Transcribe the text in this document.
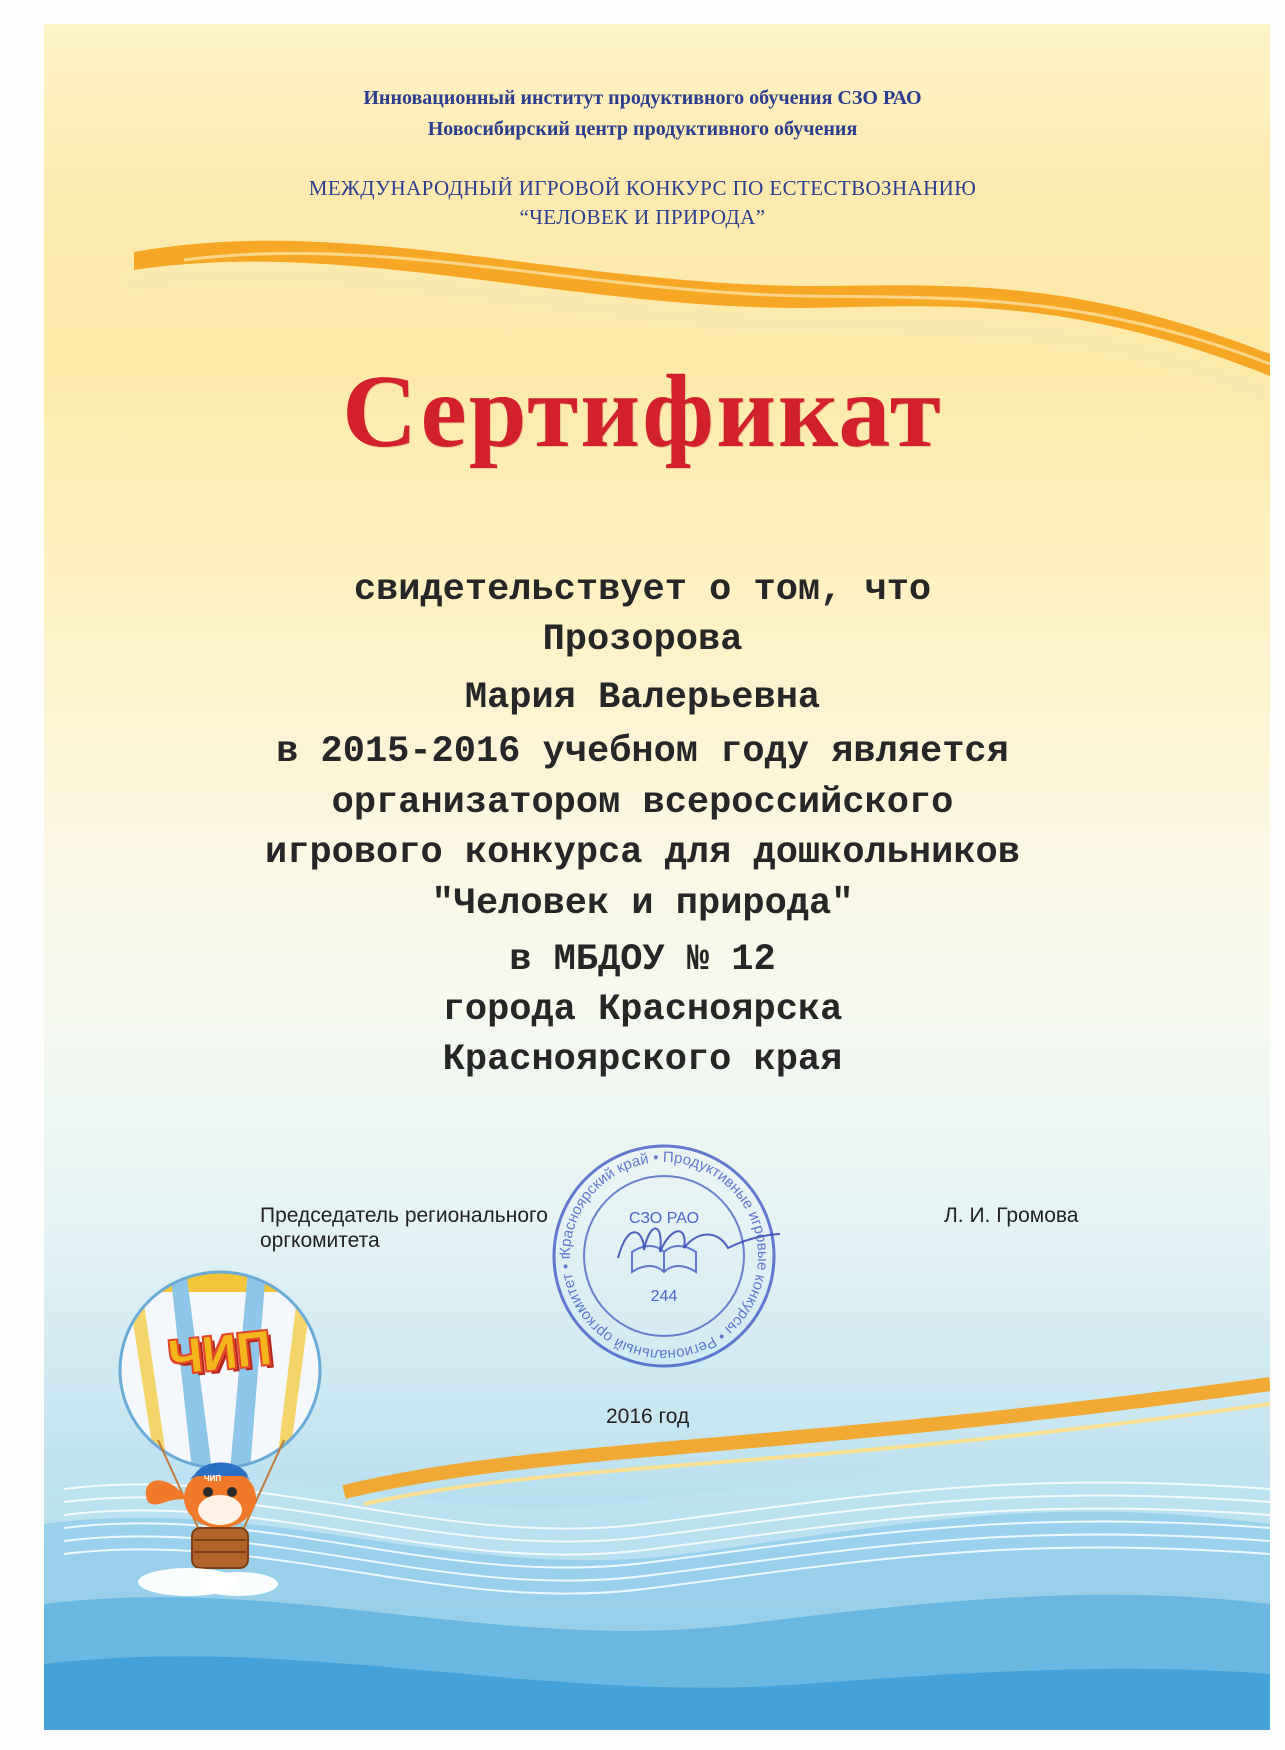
Инновационный институт продуктивного обучения СЗО РАО

Новосибирский центр продуктивного обучения

МЕЖДУНАРОДНЫЙ ИГРОВОЙ КОНКУРС ПО ЕСТЕСТВОЗНАНИЮ

“ЧЕЛОВЕК И ПРИРОДА”

Сертификат

свидетельствует о том, что

Прозорова

Мария Валерьевна

в 2015-2016 учебном году является

организатором всероссийского

игрового конкурса для дошкольников

"Человек и природа"

в МБДОУ № 12

города Красноярска

Красноярского края

Председатель регионального
оргкомитета
Л. И. Громова
Красноярский край • Продуктивные игровые конкурсы • Региональный оргкомитет • г
СЗО РАО
244
2016 год
ЧИП
ЧИП
